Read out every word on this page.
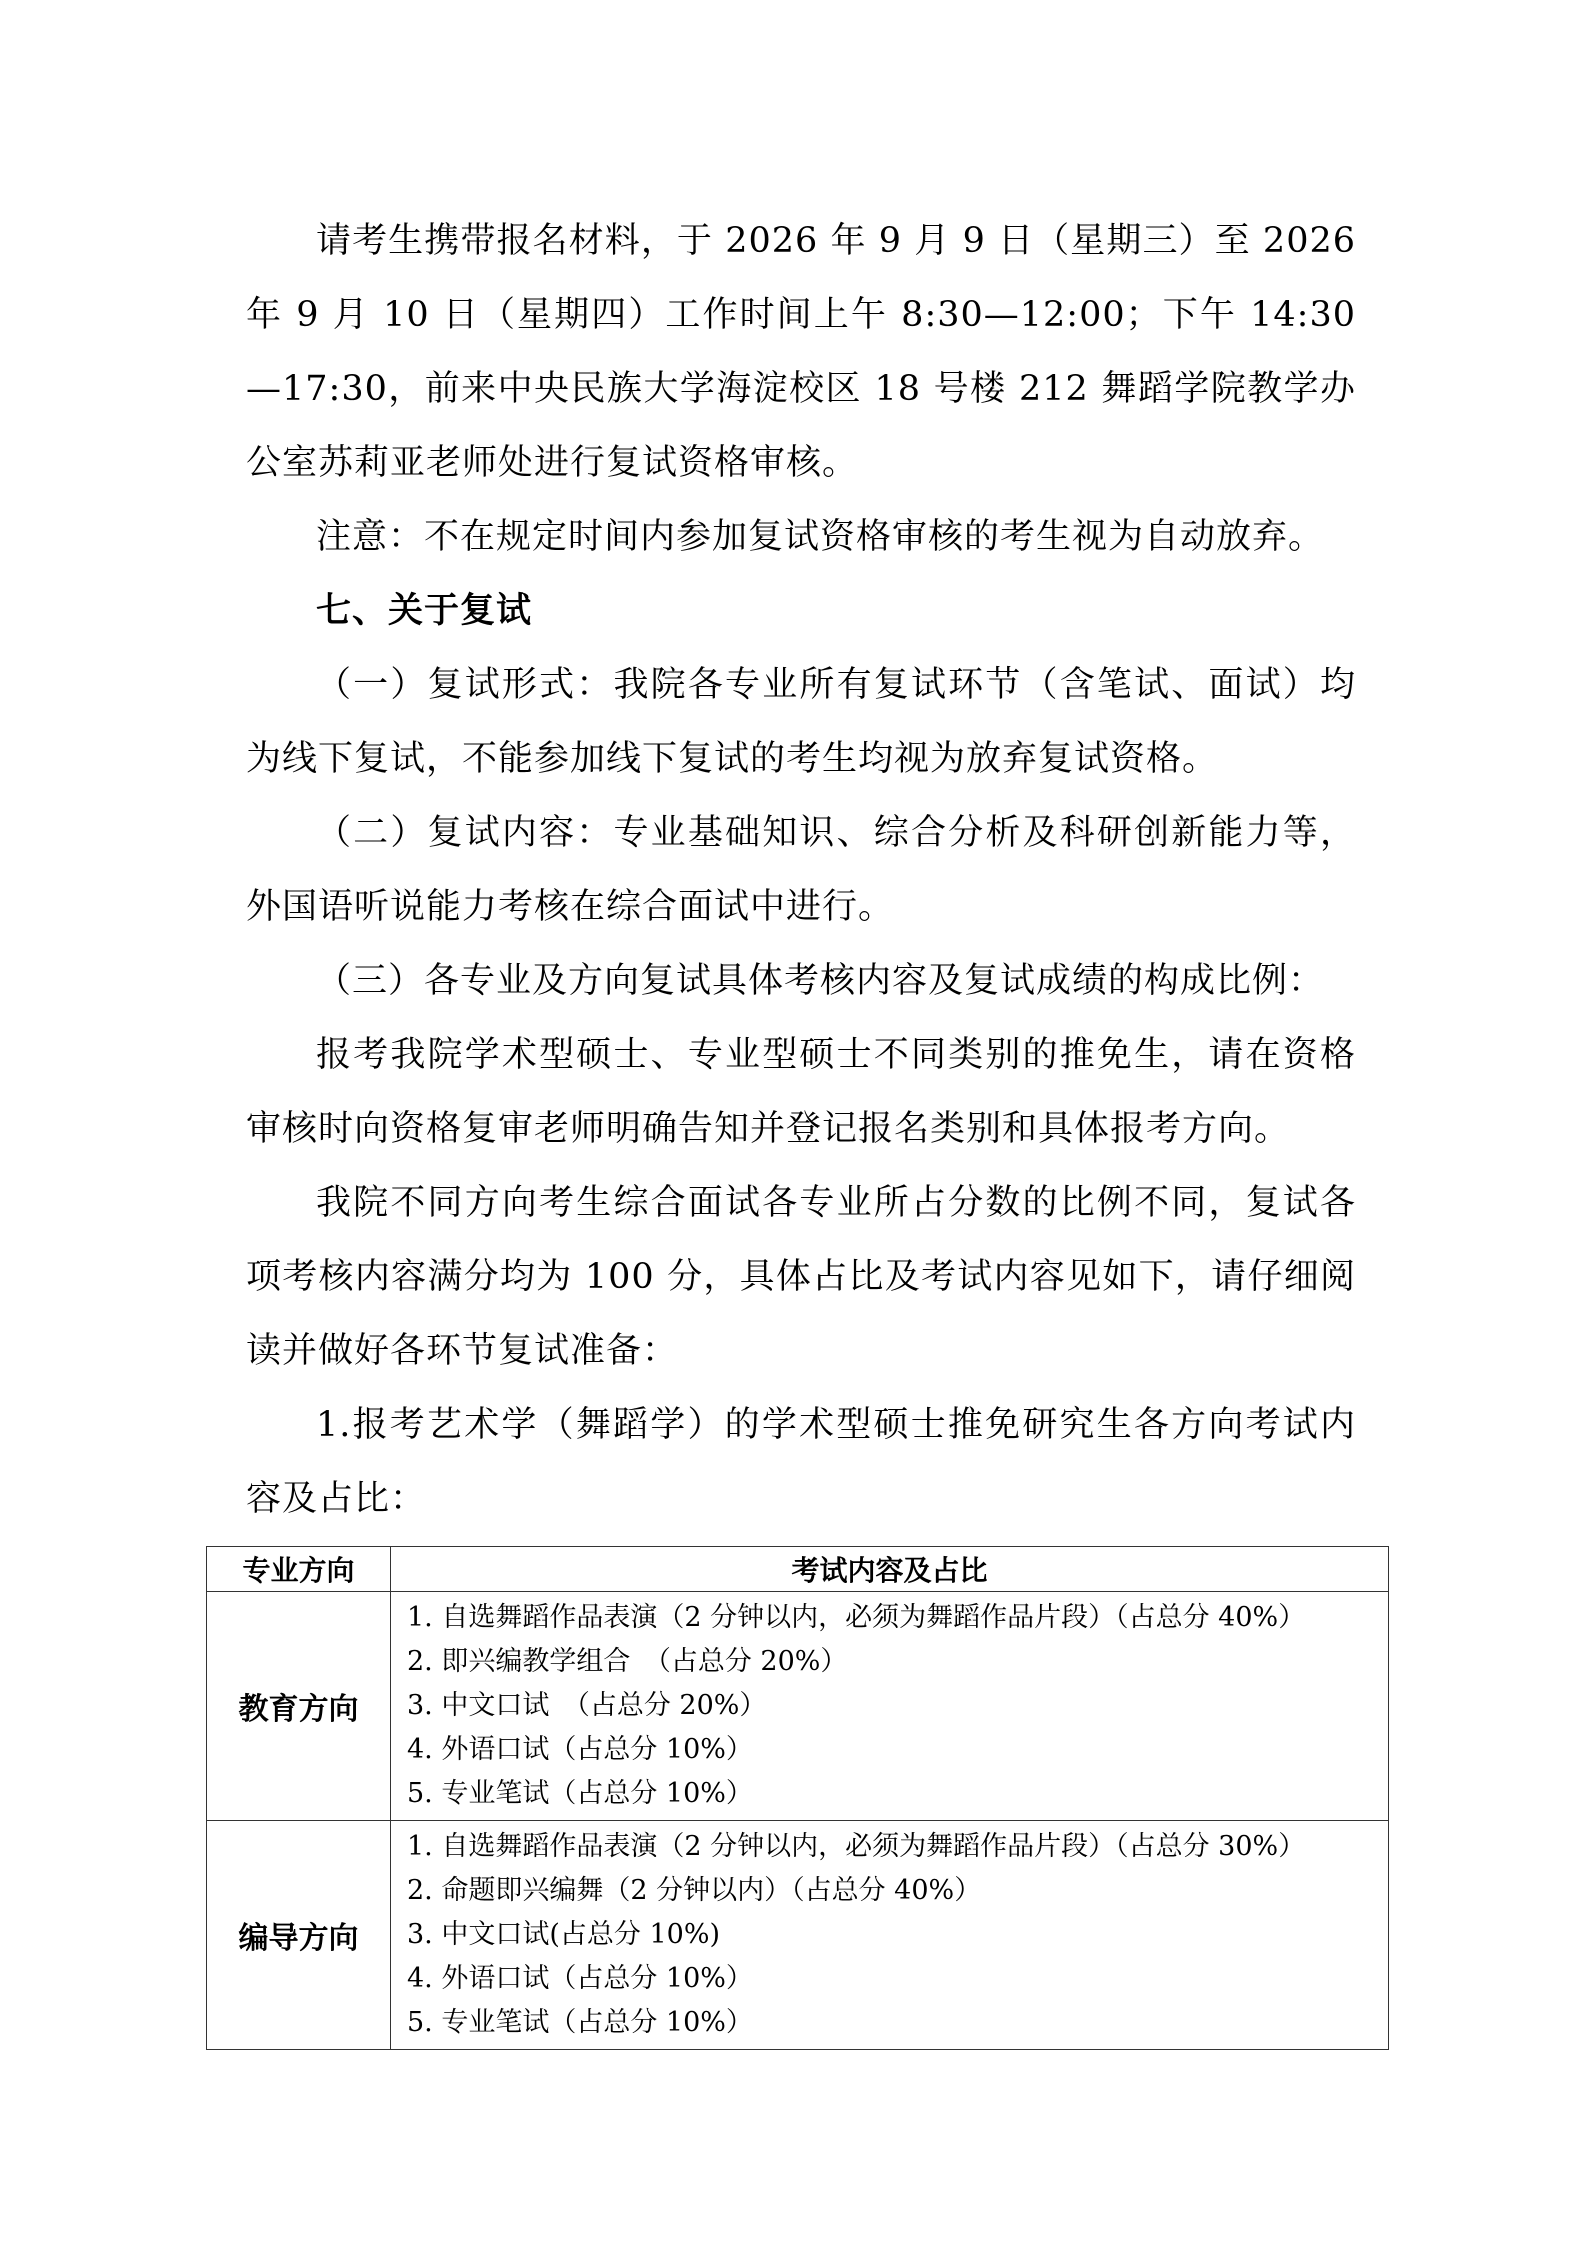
请考生携带报名材料，于 2026 年 9 月 9 日（星期三）至 2026 年 9 月 10 日（星期四）工作时间上午 8:30—12:00；下午 14:30—17:30，前来中央民族大学海淀校区 18 号楼 212 舞蹈学院教学办公室苏莉亚老师处进行复试资格审核。

注意：不在规定时间内参加复试资格审核的考生视为自动放弃。

七、关于复试

（一）复试形式：我院各专业所有复试环节（含笔试、面试）均为线下复试，不能参加线下复试的考生均视为放弃复试资格。

（二）复试内容：专业基础知识、综合分析及科研创新能力等，外国语听说能力考核在综合面试中进行。

（三）各专业及方向复试具体考核内容及复试成绩的构成比例：

报考我院学术型硕士、专业型硕士不同类别的推免生，请在资格审核时向资格复审老师明确告知并登记报名类别和具体报考方向。

我院不同方向考生综合面试各专业所占分数的比例不同，复试各项考核内容满分均为 100 分，具体占比及考试内容见如下，请仔细阅读并做好各环节复试准备：

1.报考艺术学（舞蹈学）的学术型硕士推免研究生各方向考试内容及占比：

专业方向	考试内容及占比
教育方向	1. 自选舞蹈作品表演（2 分钟以内，必须为舞蹈作品片段）（占总分 40%）
2. 即兴编教学组合　（占总分 20%）
3. 中文口试　（占总分 20%）
4. 外语口试（占总分 10%）
5. 专业笔试（占总分 10%）

编导方向	1. 自选舞蹈作品表演（2 分钟以内，必须为舞蹈作品片段）（占总分 30%）
2. 命题即兴编舞（2 分钟以内）（占总分 40%）
3. 中文口试(占总分 10%)
4. 外语口试（占总分 10%）
5. 专业笔试（占总分 10%）
